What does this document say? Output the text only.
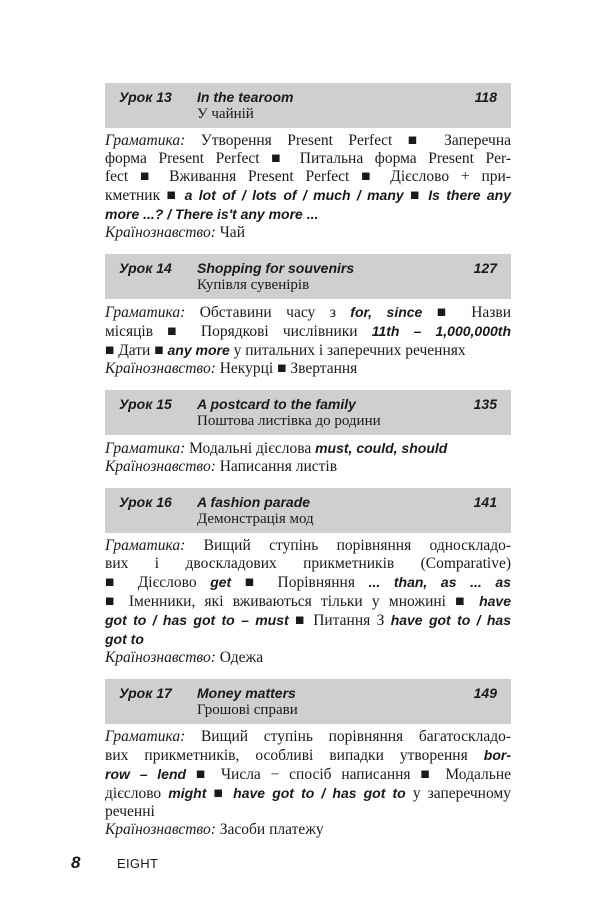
Урок 13 In the tearoom
У чайній
118
Граматика: Утворення Present Perfect ■ Заперечна
форма Present Perfect ■ Питальна форма Present Per-
fect ■ Вживання Present Perfect ■ Дієслово + при-
кметник ■ a lot of / lots of / much / many ■ Is there any
more ...? / There is't any more ...
Країнознавство: Чай
Урок 14 Shopping for souvenirs
Купівля сувенірів
127
Граматика: Обставини часу з for, since ■ Назви
місяців ■ Порядкові числівники 11th – 1,000,000th
■ Дати ■ any more у питальних і заперечних реченнях
Країнознавство: Некурці ■ Звертання
Урок 15 A postcard to the family
Поштова листівка до родини
135
Граматика: Модальні дієслова must, could, should
Країнознавство: Написання листів
Урок 16 A fashion parade
Демонстрація мод
141
Граматика: Вищий ступінь порівняння односкладо-
вих і двоскладових прикметників (Comparative)
■ Дієслово get ■ Порівняння ... than, as ... as
■ Іменники, які вживаються тільки у множині ■ have
got to / has got to – must ■ Питання З have got to / has
got to
Країнознавство: Одежа
Урок 17 Money matters
Грошові справи
149
Граматика: Вищий ступінь порівняння багатоскладо-
вих прикметників, особливі випадки утворення bor-
row – lend ■ Числа − спосіб написання ■ Модальне
дієслово might ■ have got to / has got to у заперечному
реченні
Країнознавство: Засоби платежу
8	EIGHT
